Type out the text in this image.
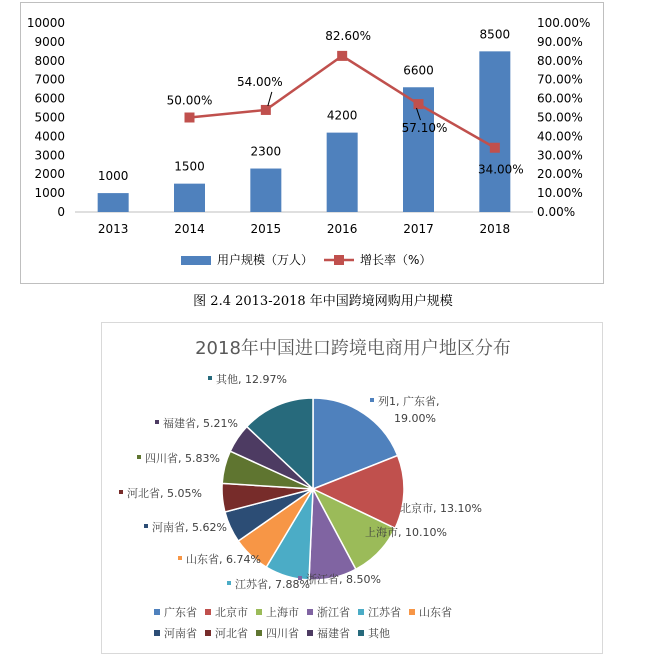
0
1000
2000
3000
4000
5000
6000
7000
8000
9000
10000
0.00%
10.00%
20.00%
30.00%
40.00%
50.00%
60.00%
70.00%
80.00%
90.00%
100.00%
1000
1500
2300
4200
6600
8500
2013	2014	2015	2016	2017	2018
50.00%
54.00%
82.60%
57.10%
34.00%
用户规模（万人）	增长率（%）
图 2.4 2013-2018 年中国跨境网购用户规模
2018年中国进口跨境电商用户地区分布
列1, 广东省,
19.00%
北京市, 13.10%
上海市, 10.10%
浙江省, 8.50%
江苏省, 7.88%
山东省, 6.74%
河南省, 5.62%
河北省, 5.05%
四川省, 5.83%
福建省, 5.21%
其他, 12.97%
广东省 北京市 上海市 浙江省 江苏省 山东省
河南省 河北省 四川省 福建省 其他
